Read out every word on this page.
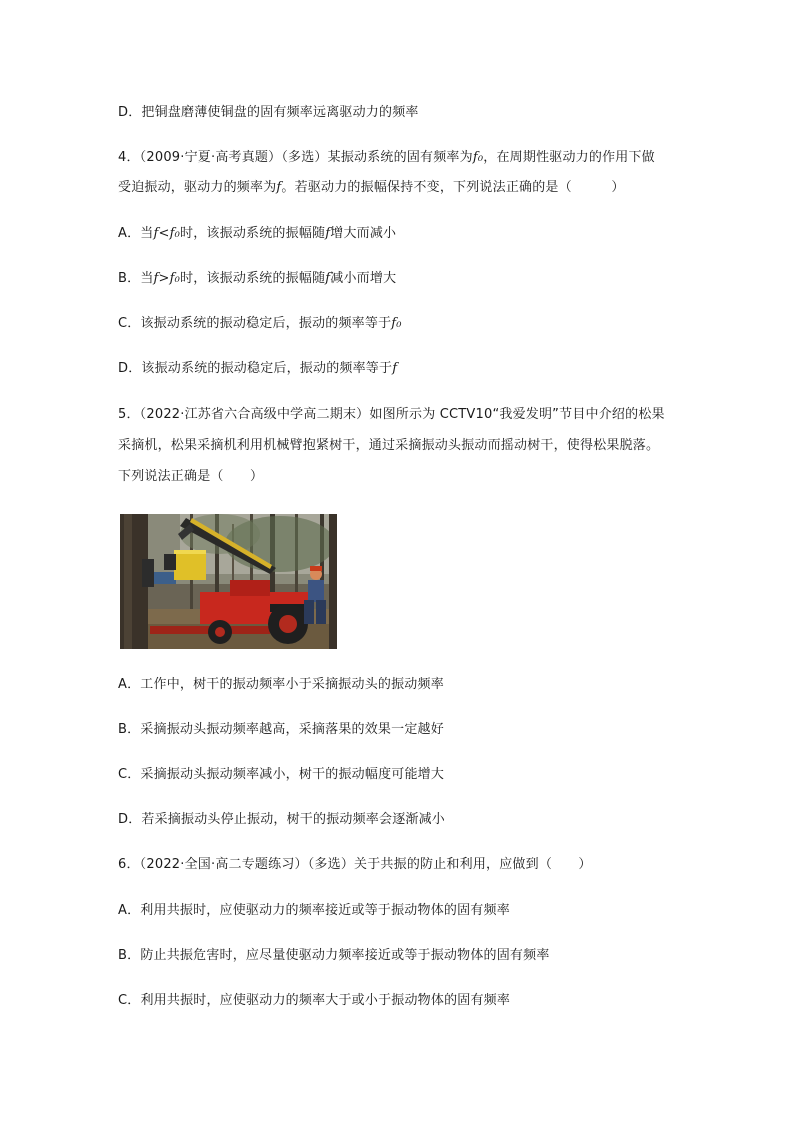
D．把铜盘磨薄使铜盘的固有频率远离驱动力的频率
4．（2009·宁夏·高考真题）（多选）某振动系统的固有频率为f₀，在周期性驱动力的作用下做
受迫振动，驱动力的频率为f。若驱动力的振幅保持不变，下列说法正确的是（　　　）
A．当f<f₀时，该振动系统的振幅随f增大而减小
B．当f>f₀时，该振动系统的振幅随f减小而增大
C．该振动系统的振动稳定后，振动的频率等于f₀
D．该振动系统的振动稳定后，振动的频率等于f
5．（2022·江苏省六合高级中学高二期末）如图所示为 CCTV10“我爱发明”节目中介绍的松果
采摘机，松果采摘机利用机械臂抱紧树干，通过采摘振动头振动而摇动树干，使得松果脱落。
下列说法正确是（　　）
A．工作中，树干的振动频率小于采摘振动头的振动频率
B．采摘振动头振动频率越高，采摘落果的效果一定越好
C．采摘振动头振动频率减小，树干的振动幅度可能增大
D．若采摘振动头停止振动，树干的振动频率会逐渐减小
6．（2022·全国·高二专题练习）（多选）关于共振的防止和利用，应做到（　　）
A．利用共振时，应使驱动力的频率接近或等于振动物体的固有频率
B．防止共振危害时，应尽量使驱动力频率接近或等于振动物体的固有频率
C．利用共振时，应使驱动力的频率大于或小于振动物体的固有频率
